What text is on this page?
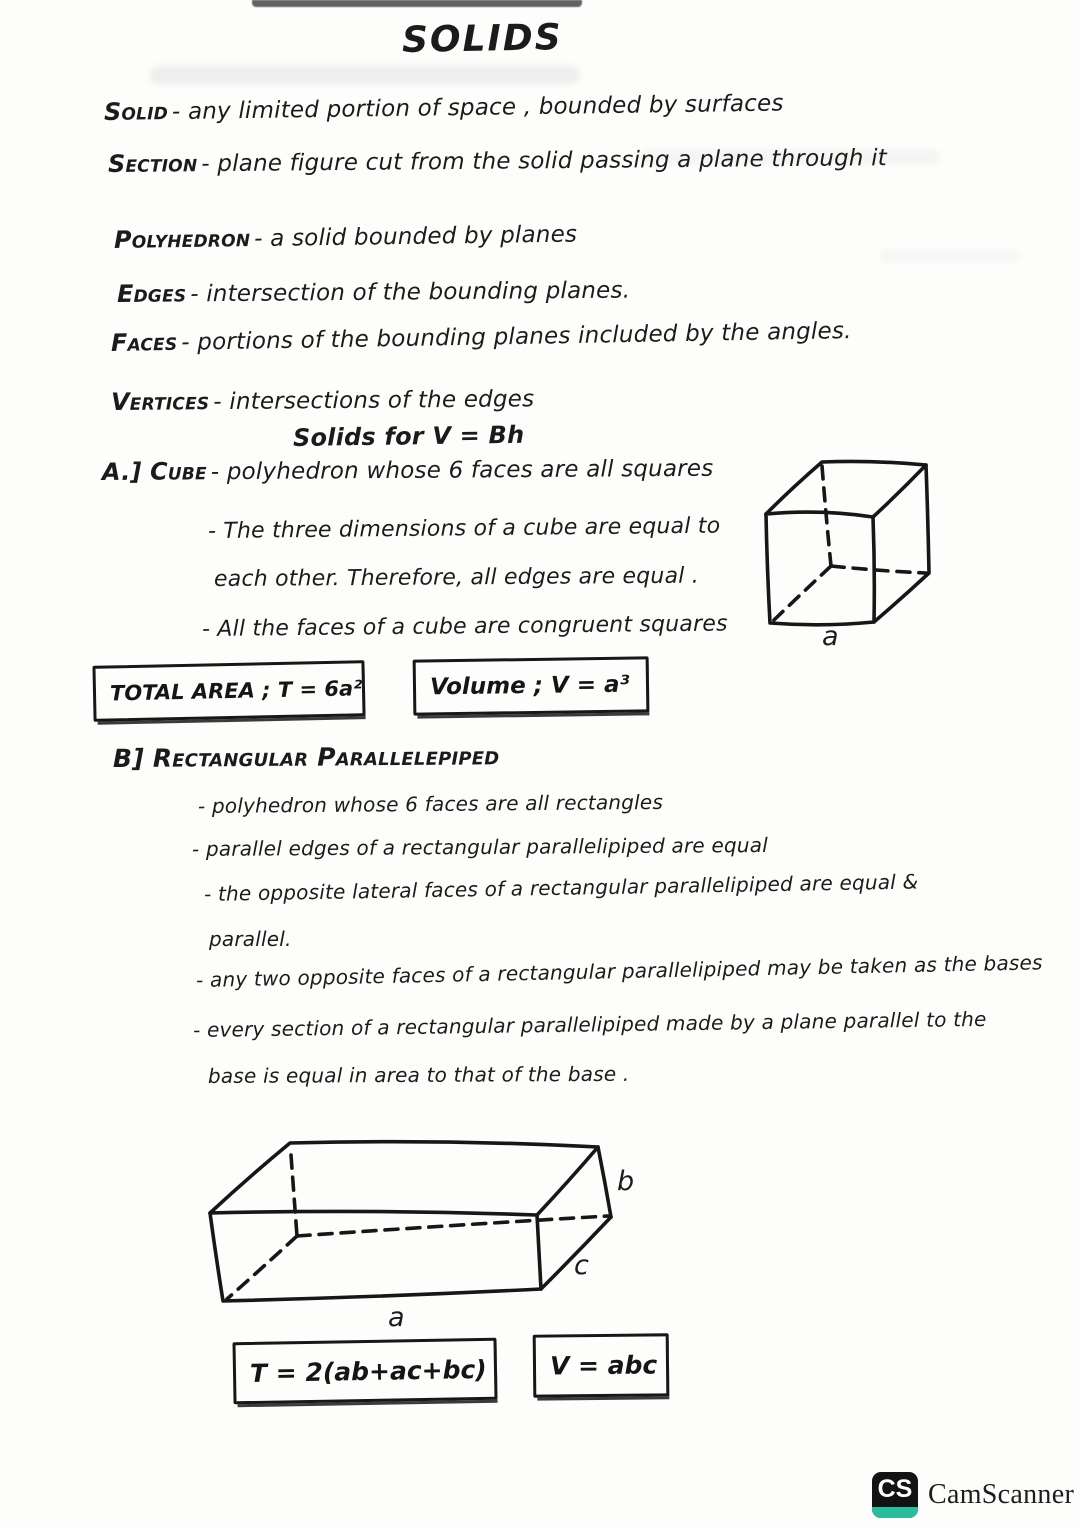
SOLIDS
Solid - any limited portion of space , bounded by surfaces
Section - plane figure cut from the solid passing a plane through it
Polyhedron - a solid bounded by planes
Edges - intersection of the bounding planes.
Faces - portions of the bounding planes included by the angles.
Vertices - intersections of the edges
Solids for V = Bh
A.] Cube - polyhedron whose 6 faces are all squares
- The three dimensions of a cube are equal to
each other. Therefore, all edges are equal .
- All the faces of a cube are congruent squares
TOTAL AREA ; T = 6a²	Volume ; V = a³
a
B] Rectangular Parallelepiped
- polyhedron whose 6 faces are all rectangles
- parallel edges of a rectangular parallelipiped are equal
- the opposite lateral faces of a rectangular parallelipiped are equal &
parallel.
- any two opposite faces of a rectangular parallelipiped may be taken as the bases
- every section of a rectangular parallelipiped made by a plane parallel to the
base is equal in area to that of the base .
b
c
a
T = 2(ab+ac+bc)	V = abc
CS CamScanner
